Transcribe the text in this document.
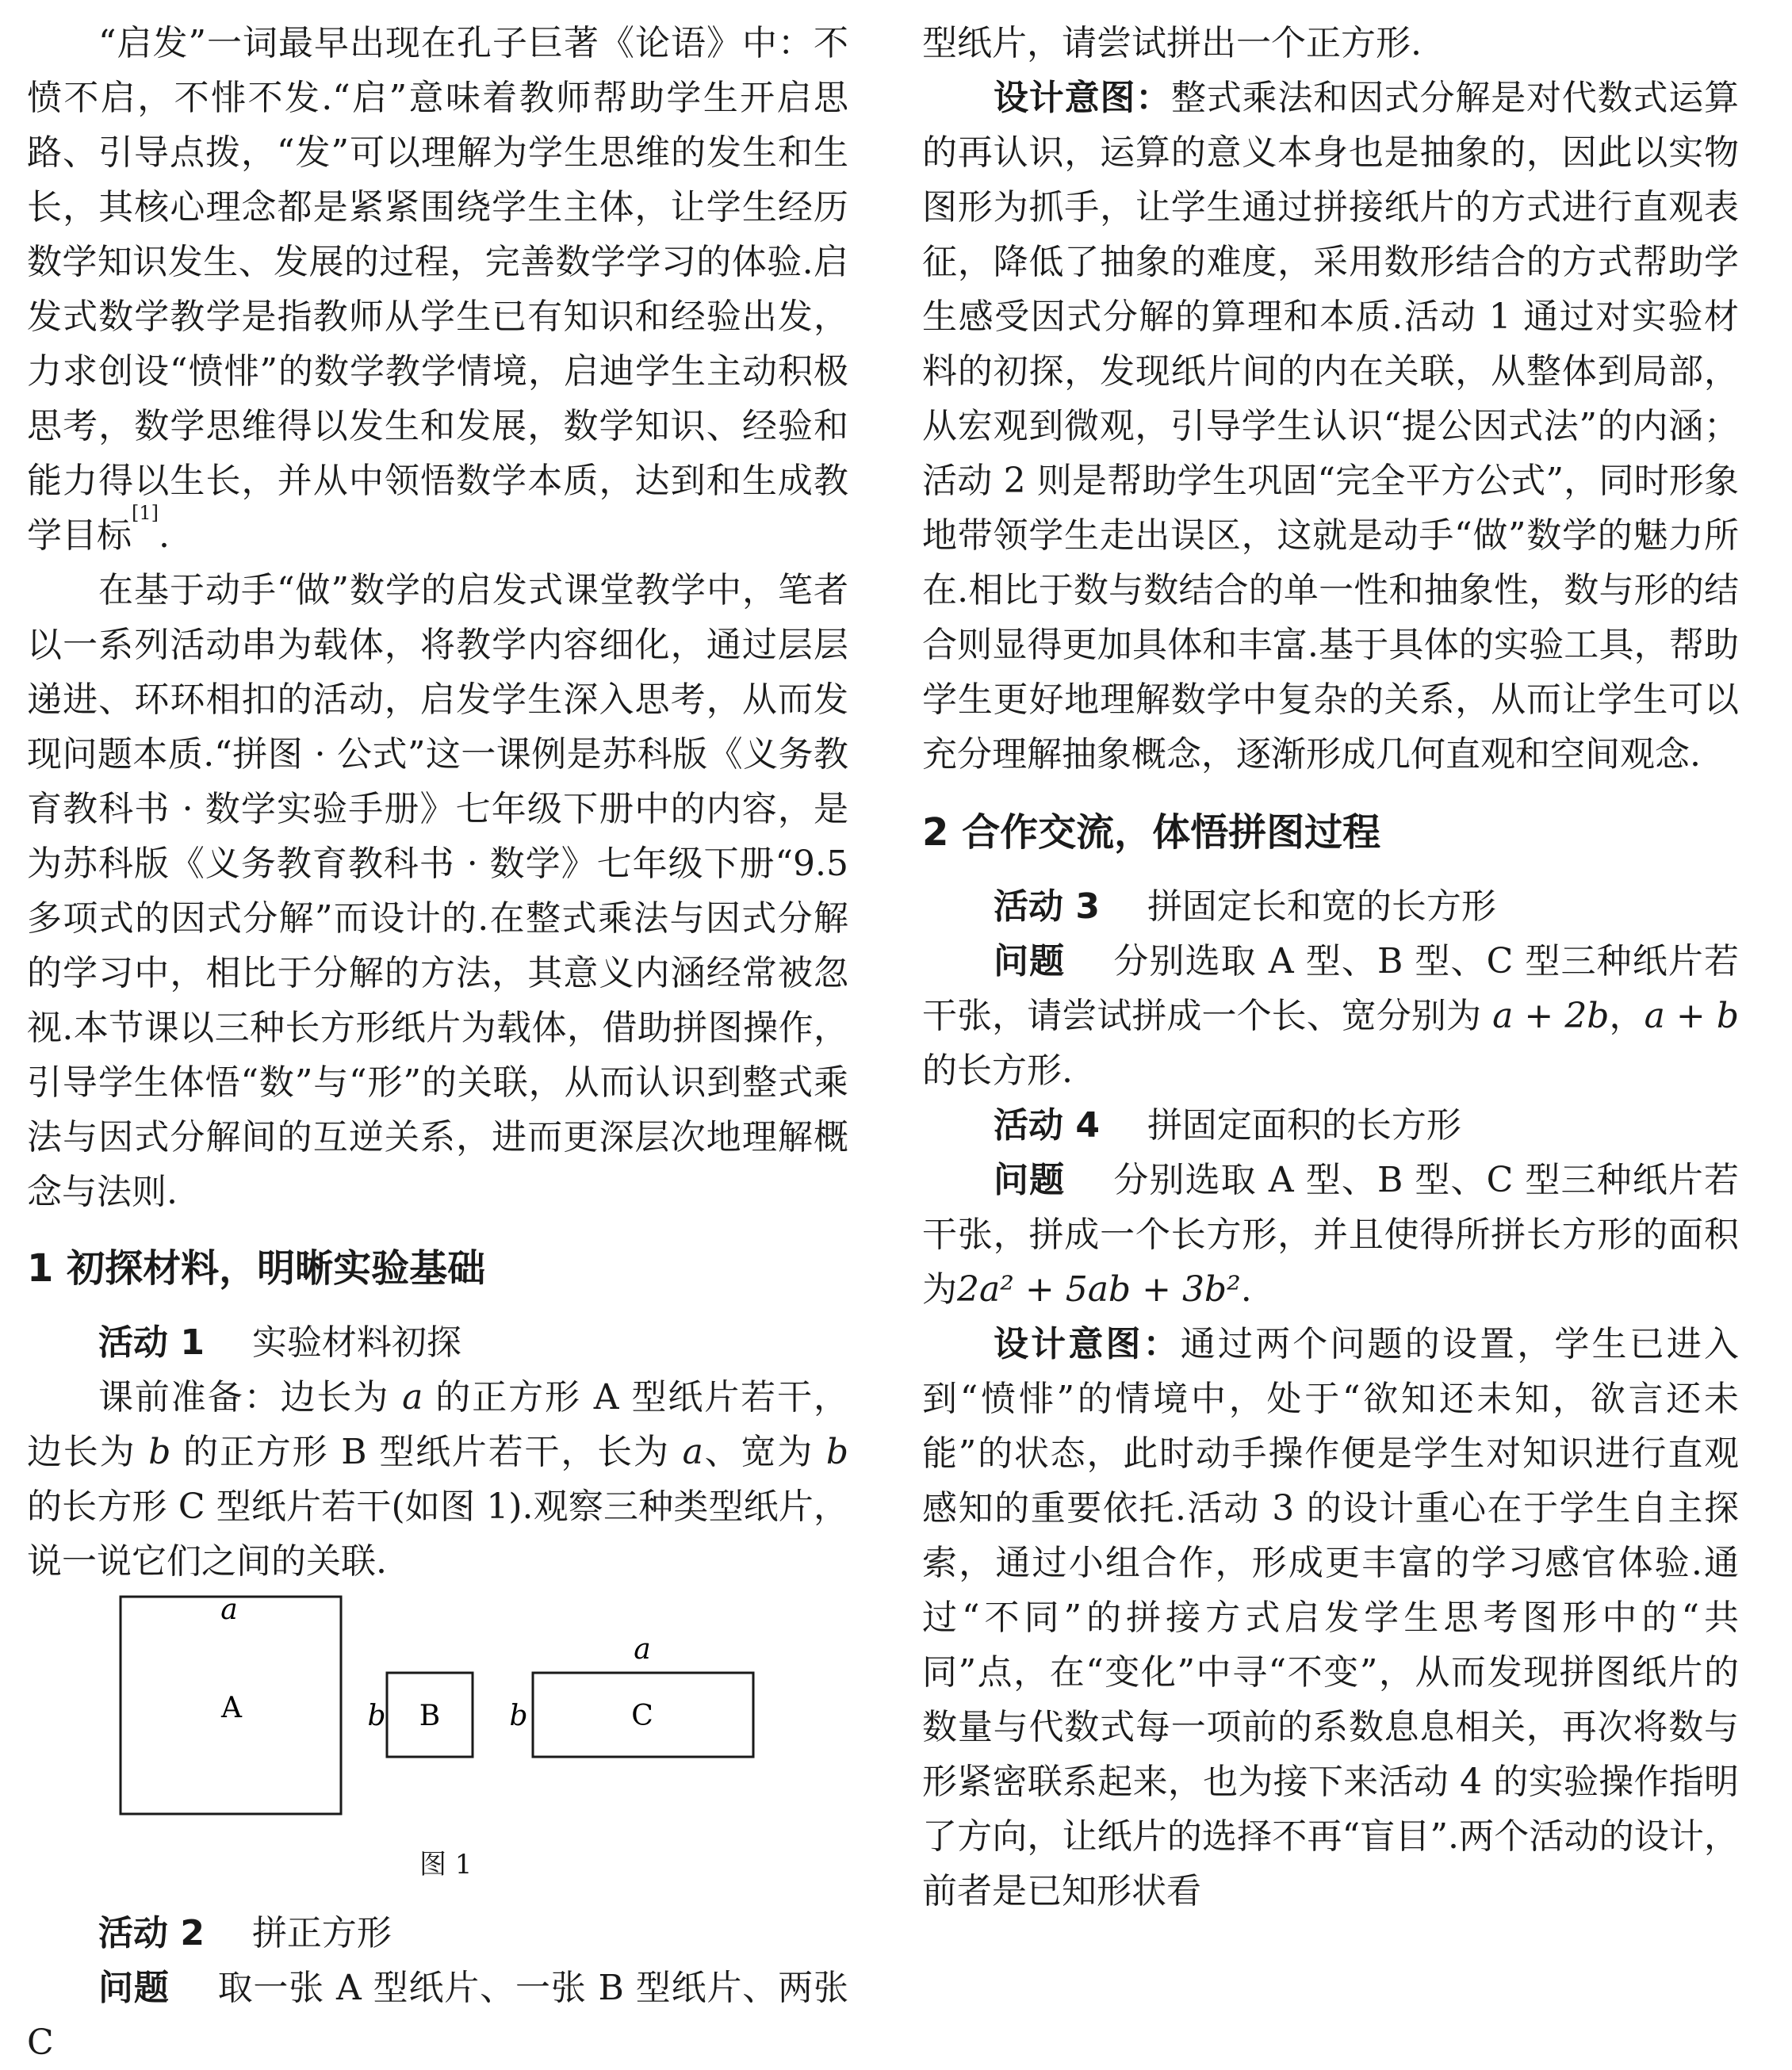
“启发”一词最早出现在孔子巨著《论语》中：不愤不启，不悱不发.“启”意味着教师帮助学生开启思路、引导点拨，“发”可以理解为学生思维的发生和生长，其核心理念都是紧紧围绕学生主体，让学生经历数学知识发生、发展的过程，完善数学学习的体验.启发式数学教学是指教师从学生已有知识和经验出发，力求创设“愤悱”的数学教学情境，启迪学生主动积极思考，数学思维得以发生和发展，数学知识、经验和能力得以生长，并从中领悟数学本质，达到和生成教学目标[1].

在基于动手“做”数学的启发式课堂教学中，笔者以一系列活动串为载体，将教学内容细化，通过层层递进、环环相扣的活动，启发学生深入思考，从而发现问题本质.“拼图 · 公式”这一课例是苏科版《义务教育教科书 · 数学实验手册》七年级下册中的内容，是为苏科版《义务教育教科书 · 数学》七年级下册“9.5 多项式的因式分解”而设计的.在整式乘法与因式分解的学习中，相比于分解的方法，其意义内涵经常被忽视.本节课以三种长方形纸片为载体，借助拼图操作，引导学生体悟“数”与“形”的关联，从而认识到整式乘法与因式分解间的互逆关系，进而更深层次地理解概念与法则.

1 初探材料，明晰实验基础

活动 1 实验材料初探

课前准备：边长为 a 的正方形 A 型纸片若干，边长为 b 的正方形 B 型纸片若干，长为 a、宽为 b 的长方形 C 型纸片若干(如图 1).观察三种类型纸片，说一说它们之间的关联.

a
A	b B b
a
C
图 1

活动 2 拼正方形

问题 取一张 A 型纸片、一张 B 型纸片、两张 C

型纸片，请尝试拼出一个正方形.

设计意图：整式乘法和因式分解是对代数式运算的再认识，运算的意义本身也是抽象的，因此以实物图形为抓手，让学生通过拼接纸片的方式进行直观表征，降低了抽象的难度，采用数形结合的方式帮助学生感受因式分解的算理和本质.活动 1 通过对实验材料的初探，发现纸片间的内在关联，从整体到局部，从宏观到微观，引导学生认识“提公因式法”的内涵；活动 2 则是帮助学生巩固“完全平方公式”，同时形象地带领学生走出误区，这就是动手“做”数学的魅力所在.相比于数与数结合的单一性和抽象性，数与形的结合则显得更加具体和丰富.基于具体的实验工具，帮助学生更好地理解数学中复杂的关系，从而让学生可以充分理解抽象概念，逐渐形成几何直观和空间观念.

2 合作交流，体悟拼图过程

活动 3 拼固定长和宽的长方形

问题 分别选取 A 型、B 型、C 型三种纸片若干张，请尝试拼成一个长、宽分别为 a + 2b，a + b 的长方形.

活动 4 拼固定面积的长方形

问题 分别选取 A 型、B 型、C 型三种纸片若干张，拼成一个长方形，并且使得所拼长方形的面积为2a² + 5ab + 3b².

设计意图：通过两个问题的设置，学生已进入到“愤悱”的情境中，处于“欲知还未知，欲言还未能”的状态，此时动手操作便是学生对知识进行直观感知的重要依托.活动 3 的设计重心在于学生自主探索，通过小组合作，形成更丰富的学习感官体验.通过“不同”的拼接方式启发学生思考图形中的“共同”点，在“变化”中寻“不变”，从而发现拼图纸片的数量与代数式每一项前的系数息息相关，再次将数与形紧密联系起来，也为接下来活动 4 的实验操作指明了方向，让纸片的选择不再“盲目”.两个活动的设计，前者是已知形状看
